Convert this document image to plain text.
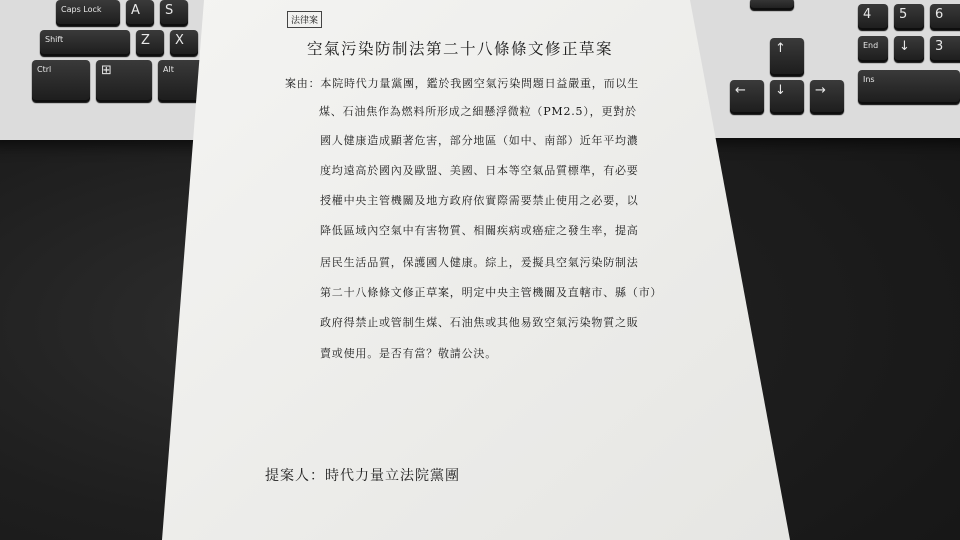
Caps Lock A S
Shift	Z X
Ctrl	⊞	Alt
4 5 6
↑	End ↓ 3
← ↓ →
Ins
法律案
空氣污染防制法第二十八條條文修正草案
案由：本院時代力量黨團，鑑於我國空氣污染問題日益嚴重，而以生
煤、石油焦作為燃料所形成之細懸浮微粒（PM2.5），更對於
國人健康造成顯著危害，部分地區（如中、南部）近年平均濃
度均遠高於國內及歐盟、美國、日本等空氣品質標準，有必要
授權中央主管機關及地方政府依實際需要禁止使用之必要，以
降低區域內空氣中有害物質、相關疾病或癌症之發生率，提高
居民生活品質，保護國人健康。綜上，爰擬具空氣污染防制法
第二十八條條文修正草案，明定中央主管機關及直轄市、縣（市）
政府得禁止或管制生煤、石油焦或其他易致空氣污染物質之販
賣或使用。是否有當？敬請公決。
提案人：時代力量立法院黨團
